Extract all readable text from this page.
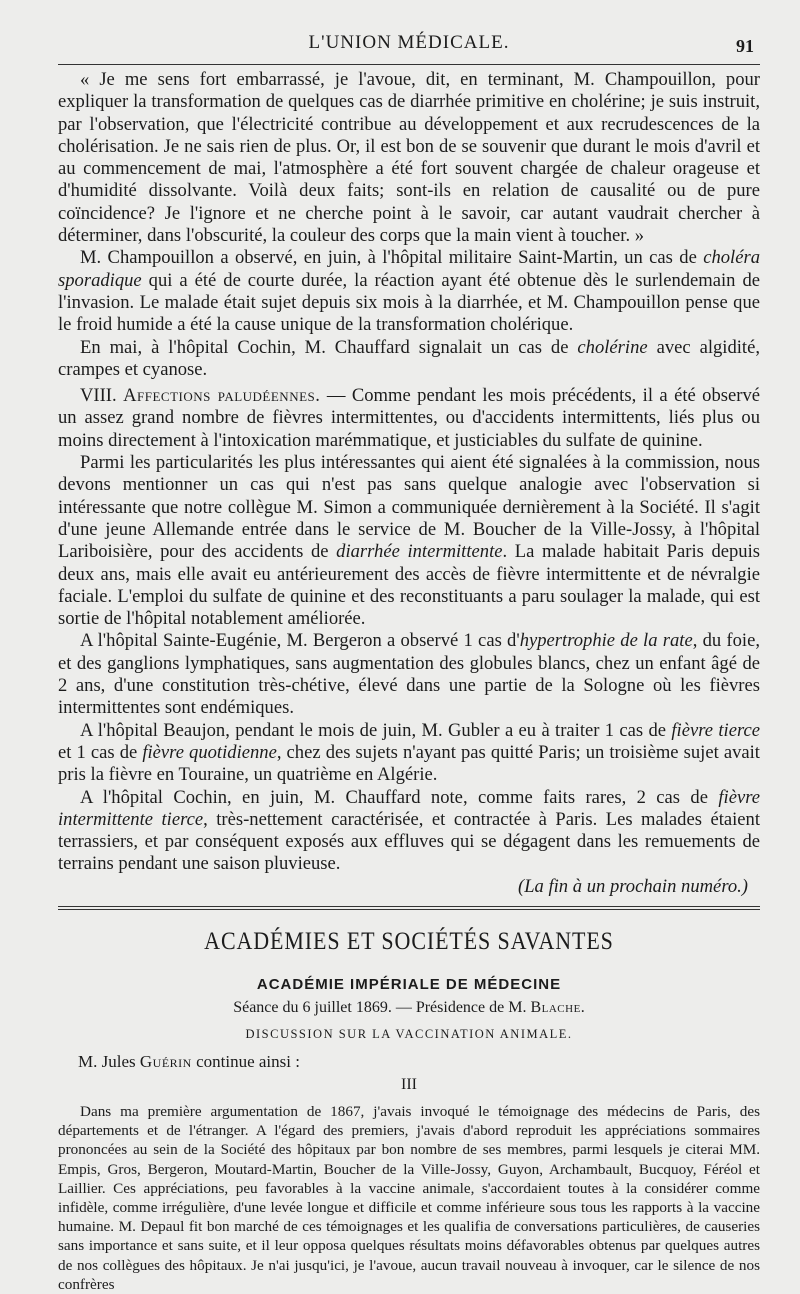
L'UNION MÉDICALE.	91

« Je me sens fort embarrassé, je l'avoue, dit, en terminant, M. Champouillon, pour expliquer la transformation de quelques cas de diarrhée primitive en cholérine; je suis instruit, par l'observation, que l'électricité contribue au développement et aux recrudescences de la cholérisation. Je ne sais rien de plus. Or, il est bon de se souvenir que durant le mois d'avril et au commencement de mai, l'atmosphère a été fort souvent chargée de chaleur orageuse et d'humidité dissolvante. Voilà deux faits; sont-ils en relation de causalité ou de pure coïncidence? Je l'ignore et ne cherche point à le savoir, car autant vaudrait chercher à déterminer, dans l'obscurité, la couleur des corps que la main vient à toucher. »

M. Champouillon a observé, en juin, à l'hôpital militaire Saint-Martin, un cas de choléra sporadique qui a été de courte durée, la réaction ayant été obtenue dès le surlendemain de l'invasion. Le malade était sujet depuis six mois à la diarrhée, et M. Champouillon pense que le froid humide a été la cause unique de la transformation cholérique.

En mai, à l'hôpital Cochin, M. Chauffard signalait un cas de cholérine avec algidité, crampes et cyanose.

VIII. Affections paludéennes. — Comme pendant les mois précédents, il a été observé un assez grand nombre de fièvres intermittentes, ou d'accidents intermittents, liés plus ou moins directement à l'intoxication marémmatique, et justiciables du sulfate de quinine.

Parmi les particularités les plus intéressantes qui aient été signalées à la commission, nous devons mentionner un cas qui n'est pas sans quelque analogie avec l'observation si intéressante que notre collègue M. Simon a communiquée dernièrement à la Société. Il s'agit d'une jeune Allemande entrée dans le service de M. Boucher de la Ville-Jossy, à l'hôpital Lariboisière, pour des accidents de diarrhée intermittente. La malade habitait Paris depuis deux ans, mais elle avait eu antérieurement des accès de fièvre intermittente et de névralgie faciale. L'emploi du sulfate de quinine et des reconstituants a paru soulager la malade, qui est sortie de l'hôpital notablement améliorée.

A l'hôpital Sainte-Eugénie, M. Bergeron a observé 1 cas d'hypertrophie de la rate, du foie, et des ganglions lymphatiques, sans augmentation des globules blancs, chez un enfant âgé de 2 ans, d'une constitution très-chétive, élevé dans une partie de la Sologne où les fièvres intermittentes sont endémiques.

A l'hôpital Beaujon, pendant le mois de juin, M. Gubler a eu à traiter 1 cas de fièvre tierce et 1 cas de fièvre quotidienne, chez des sujets n'ayant pas quitté Paris; un troisième sujet avait pris la fièvre en Touraine, un quatrième en Algérie.

A l'hôpital Cochin, en juin, M. Chauffard note, comme faits rares, 2 cas de fièvre intermittente tierce, très-nettement caractérisée, et contractée à Paris. Les malades étaient terrassiers, et par conséquent exposés aux effluves qui se dégagent dans les remuements de terrains pendant une saison pluvieuse.

(La fin à un prochain numéro.)
ACADÉMIES ET SOCIÉTÉS SAVANTES
ACADÉMIE IMPÉRIALE DE MÉDECINE
Séance du 6 juillet 1869. — Présidence de M. Blache.
DISCUSSION SUR LA VACCINATION ANIMALE.
M. Jules Guérin continue ainsi :
III

Dans ma première argumentation de 1867, j'avais invoqué le témoignage des médecins de Paris, des départements et de l'étranger. A l'égard des premiers, j'avais d'abord reproduit les appréciations sommaires prononcées au sein de la Société des hôpitaux par bon nombre de ses membres, parmi lesquels je citerai MM. Empis, Gros, Bergeron, Moutard-Martin, Boucher de la Ville-Jossy, Guyon, Archambault, Bucquoy, Féréol et Laillier. Ces appréciations, peu favorables à la vaccine animale, s'accordaient toutes à la considérer comme infidèle, comme irrégulière, d'une levée longue et difficile et comme inférieure sous tous les rapports à la vaccine humaine. M. Depaul fit bon marché de ces témoignages et les qualifia de conversations particulières, de causeries sans importance et sans suite, et il leur opposa quelques résultats moins défavorables obtenus par quelques autres de nos collègues des hôpitaux. Je n'ai jusqu'ici, je l'avoue, aucun travail nouveau à invoquer, car le silence de nos confrères
